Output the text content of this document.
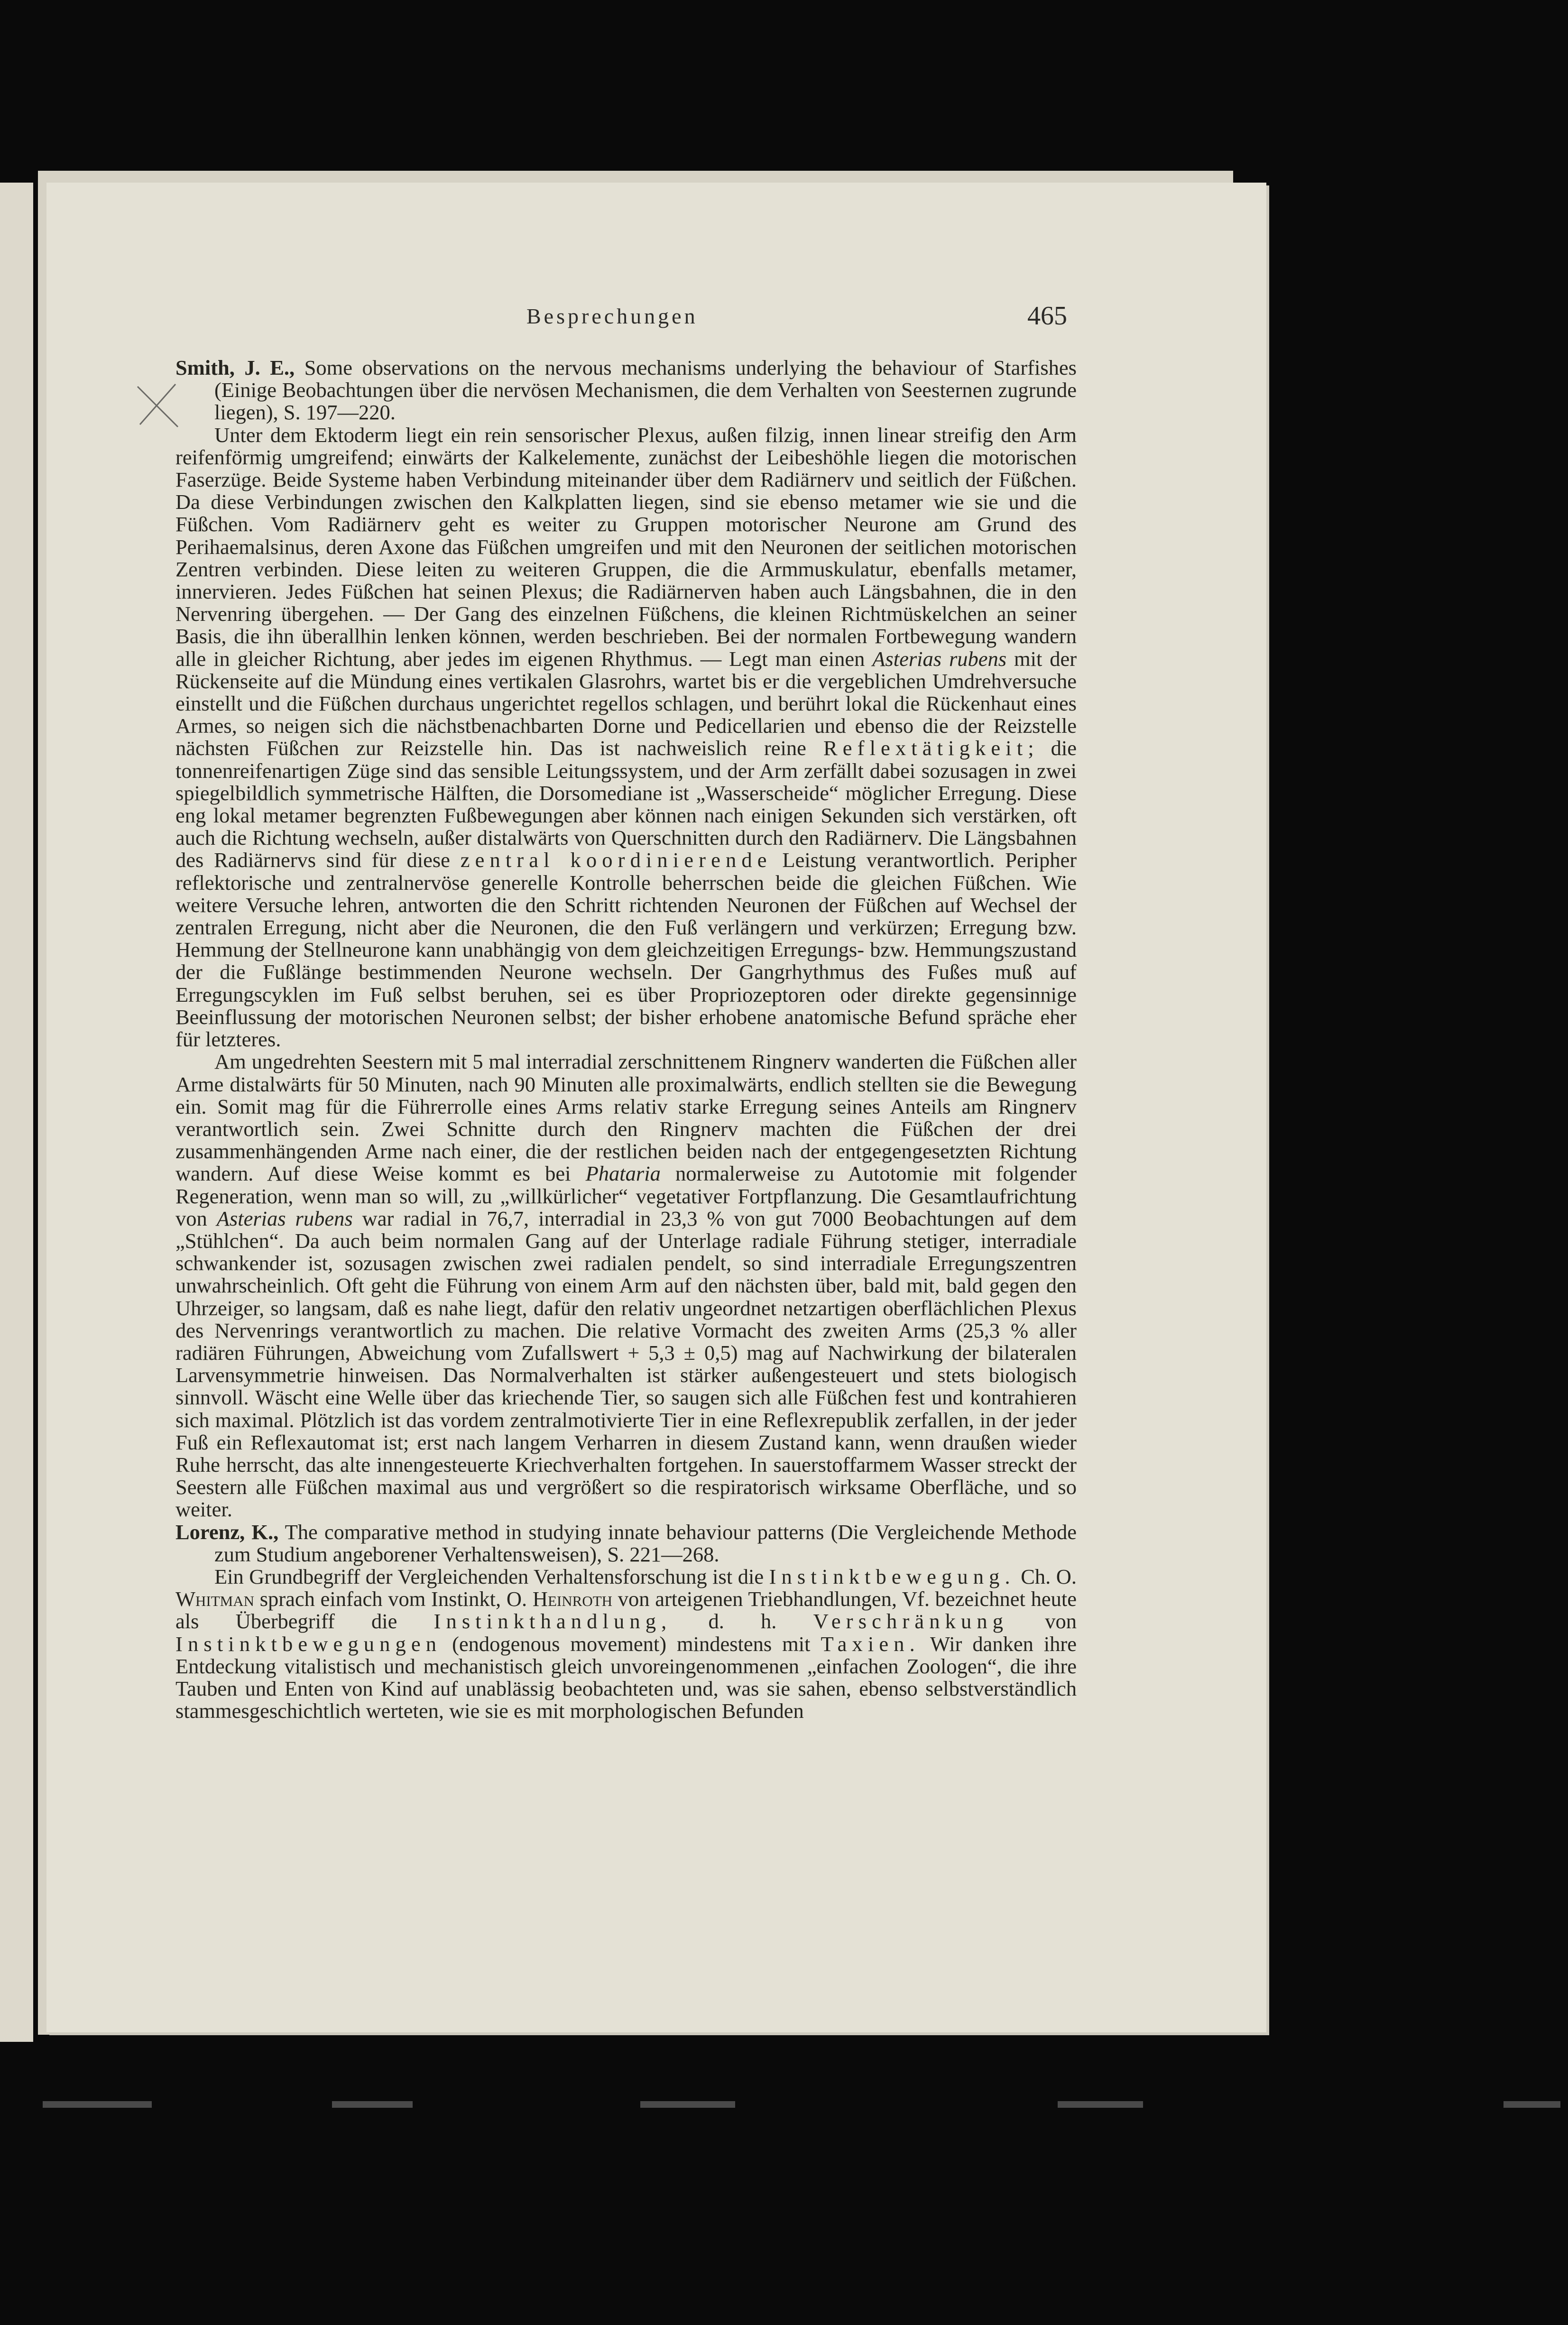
Besprechungen	465

Smith, J. E., Some observations on the nervous mechanisms underlying the behaviour of Starfishes (Einige Beobachtungen über die nervösen Mechanismen, die dem Verhalten von Seesternen zugrunde liegen), S. 197—220.

Unter dem Ektoderm liegt ein rein sensorischer Plexus, außen filzig, innen linear streifig den Arm reifenförmig umgreifend; einwärts der Kalkelemente, zunächst der Leibeshöhle liegen die motorischen Faserzüge. Beide Systeme haben Verbindung miteinander über dem Radiärnerv und seitlich der Füßchen. Da diese Verbindungen zwischen den Kalkplatten liegen, sind sie ebenso metamer wie sie und die Füßchen. Vom Radiärnerv geht es weiter zu Gruppen motorischer Neurone am Grund des Perihaemalsinus, deren Axone das Füßchen umgreifen und mit den Neuronen der seitlichen motorischen Zentren verbinden. Diese leiten zu weiteren Gruppen, die die Armmuskulatur, ebenfalls metamer, innervieren. Jedes Füßchen hat seinen Plexus; die Radiärnerven haben auch Längsbahnen, die in den Nervenring übergehen. — Der Gang des einzelnen Füßchens, die kleinen Richtmüskelchen an seiner Basis, die ihn überallhin lenken können, werden beschrieben. Bei der normalen Fortbewegung wandern alle in gleicher Richtung, aber jedes im eigenen Rhythmus. — Legt man einen Asterias rubens mit der Rückenseite auf die Mündung eines vertikalen Glasrohrs, wartet bis er die vergeblichen Umdrehversuche einstellt und die Füßchen durchaus ungerichtet regellos schlagen, und berührt lokal die Rückenhaut eines Armes, so neigen sich die nächstbenachbarten Dorne und Pedicellarien und ebenso die der Reizstelle nächsten Füßchen zur Reizstelle hin. Das ist nachweislich reine Reflextätigkeit; die tonnenreifenartigen Züge sind das sensible Leitungssystem, und der Arm zerfällt dabei sozusagen in zwei spiegelbildlich symmetrische Hälften, die Dorsomediane ist „Wasserscheide“ möglicher Erregung. Diese eng lokal metamer begrenzten Fußbewegungen aber können nach einigen Sekunden sich verstärken, oft auch die Richtung wechseln, außer distalwärts von Querschnitten durch den Radiärnerv. Die Längsbahnen des Radiärnervs sind für diese zentral koordinierende Leistung verantwortlich. Peripher reflektorische und zentralnervöse generelle Kontrolle beherrschen beide die gleichen Füßchen. Wie weitere Versuche lehren, antworten die den Schritt richtenden Neuronen der Füßchen auf Wechsel der zentralen Erregung, nicht aber die Neuronen, die den Fuß verlängern und verkürzen; Erregung bzw. Hemmung der Stellneurone kann unabhängig von dem gleichzeitigen Erregungs- bzw. Hemmungszustand der die Fußlänge bestimmenden Neurone wechseln. Der Gangrhythmus des Fußes muß auf Erregungscyklen im Fuß selbst beruhen, sei es über Propriozeptoren oder direkte gegensinnige Beeinflussung der motorischen Neuronen selbst; der bisher erhobene anatomische Befund spräche eher für letzteres.

Am ungedrehten Seestern mit 5 mal interradial zerschnittenem Ringnerv wanderten die Füßchen aller Arme distalwärts für 50 Minuten, nach 90 Minuten alle proximalwärts, endlich stellten sie die Bewegung ein. Somit mag für die Führerrolle eines Arms relativ starke Erregung seines Anteils am Ringnerv verantwortlich sein. Zwei Schnitte durch den Ringnerv machten die Füßchen der drei zusammenhängenden Arme nach einer, die der restlichen beiden nach der entgegengesetzten Richtung wandern. Auf diese Weise kommt es bei Phataria normalerweise zu Autotomie mit folgender Regeneration, wenn man so will, zu „willkürlicher“ vegetativer Fortpflanzung. Die Gesamtlaufrichtung von Asterias rubens war radial in 76,7, interradial in 23,3 % von gut 7000 Beobachtungen auf dem „Stühlchen“. Da auch beim normalen Gang auf der Unterlage radiale Führung stetiger, interradiale schwankender ist, sozusagen zwischen zwei radialen pendelt, so sind interradiale Erregungszentren unwahrscheinlich. Oft geht die Führung von einem Arm auf den nächsten über, bald mit, bald gegen den Uhrzeiger, so langsam, daß es nahe liegt, dafür den relativ ungeordnet netzartigen oberflächlichen Plexus des Nervenrings verantwortlich zu machen. Die relative Vormacht des zweiten Arms (25,3 % aller radiären Führungen, Abweichung vom Zufallswert + 5,3 ± 0,5) mag auf Nachwirkung der bilateralen Larvensymmetrie hinweisen. Das Normalverhalten ist stärker außengesteuert und stets biologisch sinnvoll. Wäscht eine Welle über das kriechende Tier, so saugen sich alle Füßchen fest und kontrahieren sich maximal. Plötzlich ist das vordem zentralmotivierte Tier in eine Reflexrepublik zerfallen, in der jeder Fuß ein Reflexautomat ist; erst nach langem Verharren in diesem Zustand kann, wenn draußen wieder Ruhe herrscht, das alte innengesteuerte Kriechverhalten fortgehen. In sauerstoffarmem Wasser streckt der Seestern alle Füßchen maximal aus und vergrößert so die respiratorisch wirksame Oberfläche, und so weiter.

Lorenz, K., The comparative method in studying innate behaviour patterns (Die Vergleichende Methode zum Studium angeborener Verhaltensweisen), S. 221—268.

Ein Grundbegriff der Vergleichenden Verhaltensforschung ist die Instinktbewegung. Ch. O. Whitman sprach einfach vom Instinkt, O. Heinroth von arteigenen Triebhandlungen, Vf. bezeichnet heute als Überbegriff die Instinkthandlung, d. h. Verschränkung von Instinktbewegungen (endogenous movement) mindestens mit Taxien. Wir danken ihre Entdeckung vitalistisch und mechanistisch gleich unvoreingenommenen „einfachen Zoologen“, die ihre Tauben und Enten von Kind auf unablässig beobachteten und, was sie sahen, ebenso selbstverständlich stammesgeschichtlich werteten, wie sie es mit morphologischen Befunden
